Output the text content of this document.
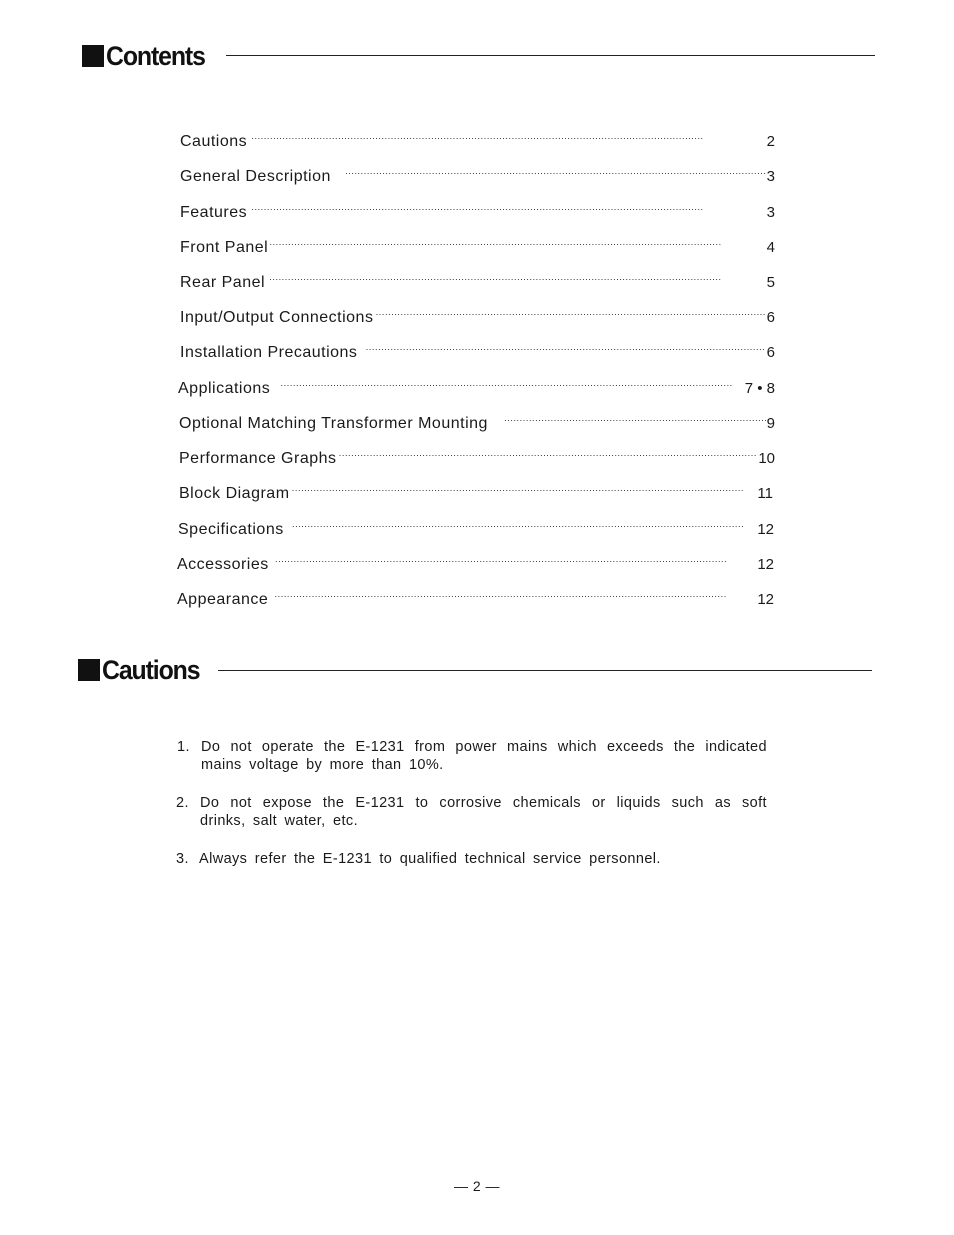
Contents
Cautions · · ·	2
General Description · · ·	3
Features · · ·	3
Front Panel · · ·	4
Rear Panel · · ·	5
Input/Output Connections · · ·	6
Installation Precautions · · ·	6
Applications · · ·	7 • 8
Optional Matching Transformer Mounting · · ·	9
Performance Graphs · · ·	10
Block Diagram · · ·	11
Specifications · · ·	12
Accessories · · ·	12
Appearance · · ·	12
Cautions
1. Do not operate the E-1231 from power mains which exceeds the indicated mains voltage by more than 10%.
2. Do not expose the E-1231 to corrosive chemicals or liquids such as soft drinks, salt water, etc.
3. Always refer the E-1231 to qualified technical service personnel.
— 2 —
